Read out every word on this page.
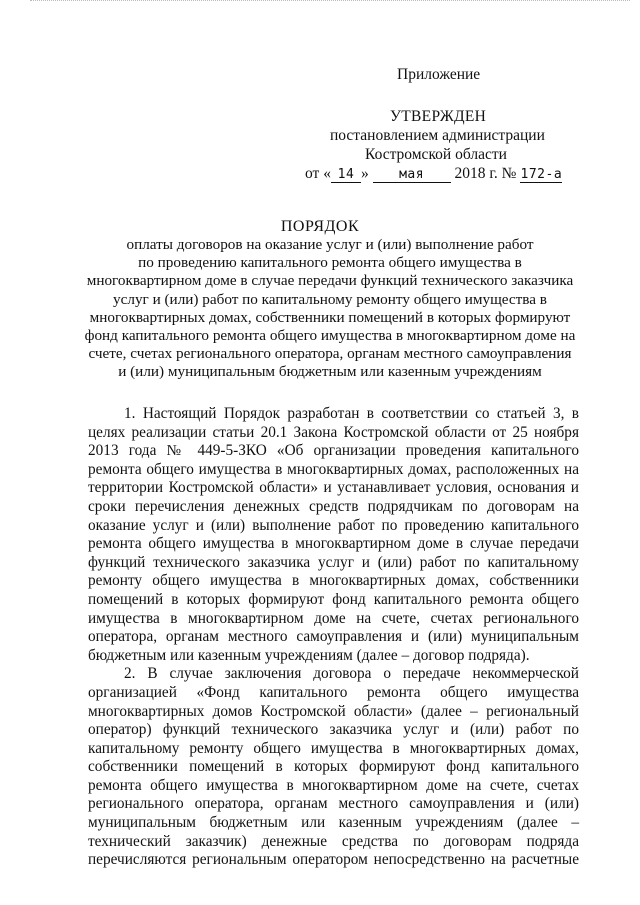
Приложение
УТВЕРЖДЕН
постановлением администрации
Костромской области
от « 14 » мая 2018 г. № 172-а
ПОРЯДОК
оплаты договоров на оказание услуг и (или) выполнение работ
по проведению капитального ремонта общего имущества в
многоквартирном доме в случае передачи функций технического заказчика
услуг и (или) работ по капитальному ремонту общего имущества в
многоквартирных домах, собственники помещений в которых формируют
фонд капитального ремонта общего имущества в многоквартирном доме на
счете, счетах регионального оператора, органам местного самоуправления
и (или) муниципальным бюджетным или казенным учреждениям
1. Настоящий Порядок разработан в соответствии со статьей 3, в
целях реализации статьи 20.1 Закона Костромской области от 25 ноября
2013 года № 449-5-ЗКО «Об организации проведения капитального
ремонта общего имущества в многоквартирных домах, расположенных на
территории Костромской области» и устанавливает условия, основания и
сроки перечисления денежных средств подрядчикам по договорам на
оказание услуг и (или) выполнение работ по проведению капитального
ремонта общего имущества в многоквартирном доме в случае передачи
функций технического заказчика услуг и (или) работ по капитальному
ремонту общего имущества в многоквартирных домах, собственники
помещений в которых формируют фонд капитального ремонта общего
имущества в многоквартирном доме на счете, счетах регионального
оператора, органам местного самоуправления и (или) муниципальным
бюджетным или казенным учреждениям (далее – договор подряда).
2. В случае заключения договора о передаче некоммерческой
организацией «Фонд капитального ремонта общего имущества
многоквартирных домов Костромской области» (далее – региональный
оператор) функций технического заказчика услуг и (или) работ по
капитальному ремонту общего имущества в многоквартирных домах,
собственники помещений в которых формируют фонд капитального
ремонта общего имущества в многоквартирном доме на счете, счетах
регионального оператора, органам местного самоуправления и (или)
муниципальным бюджетным или казенным учреждениям (далее –
технический заказчик) денежные средства по договорам подряда
перечисляются региональным оператором непосредственно на расчетные
